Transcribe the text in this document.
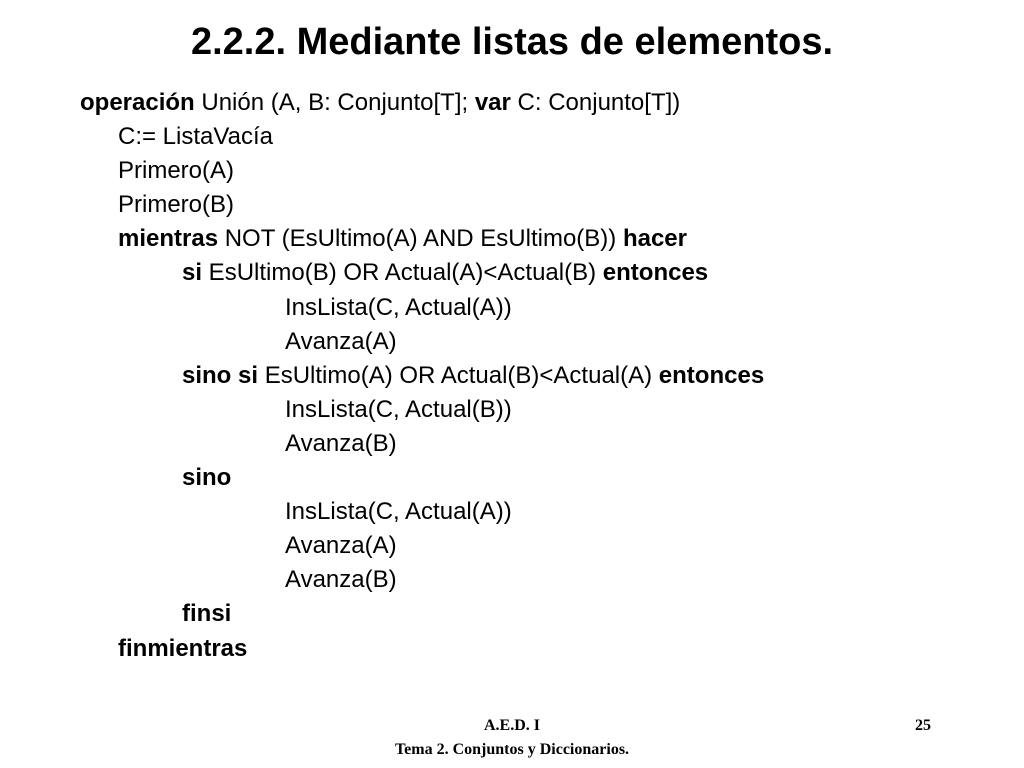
2.2.2. Mediante listas de elementos.
operación Unión (A, B: Conjunto[T]; var C: Conjunto[T])
C:= ListaVacía
Primero(A)
Primero(B)
mientras NOT (EsUltimo(A) AND EsUltimo(B)) hacer
si EsUltimo(B) OR Actual(A)<Actual(B) entonces
InsLista(C, Actual(A))
Avanza(A)
sino si EsUltimo(A) OR Actual(B)<Actual(A) entonces
InsLista(C, Actual(B))
Avanza(B)
sino
InsLista(C, Actual(A))
Avanza(A)
Avanza(B)
finsi
finmientras
A.E.D. I
Tema 2. Conjuntos y Diccionarios.
25
